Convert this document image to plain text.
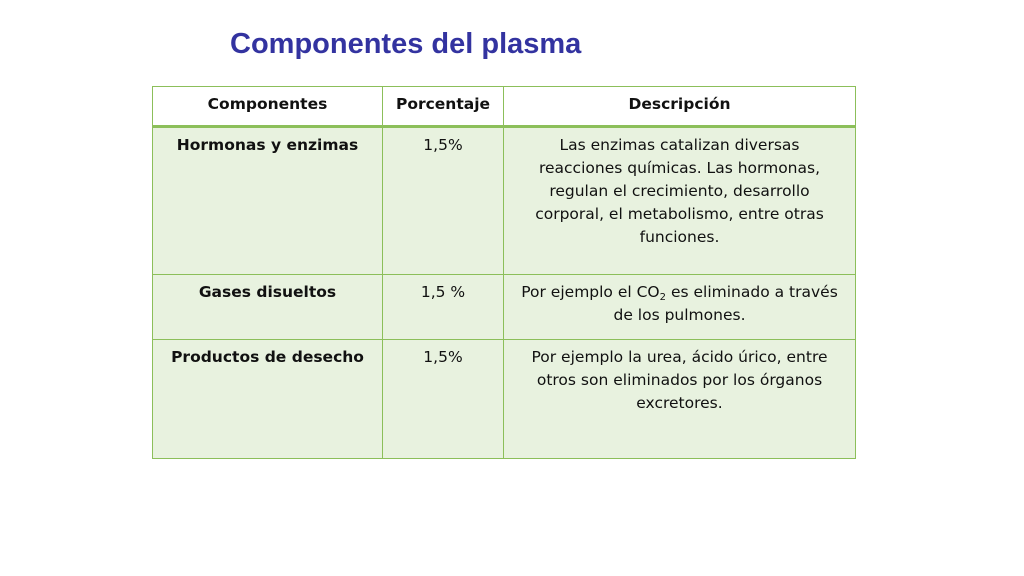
Componentes del plasma
Componentes	Porcentaje	Descripción
Hormonas y enzimas	1,5%	Las enzimas catalizan diversas reacciones químicas. Las hormonas, regulan el crecimiento, desarrollo corporal, el metabolismo, entre otras funciones.
Gases disueltos	1,5 %	Por ejemplo el $CO_2$ es eliminado a través de los pulmones.
Productos de desecho	1,5%	Por ejemplo la urea, ácido úrico, entre otros son eliminados por los órganos excretores.
